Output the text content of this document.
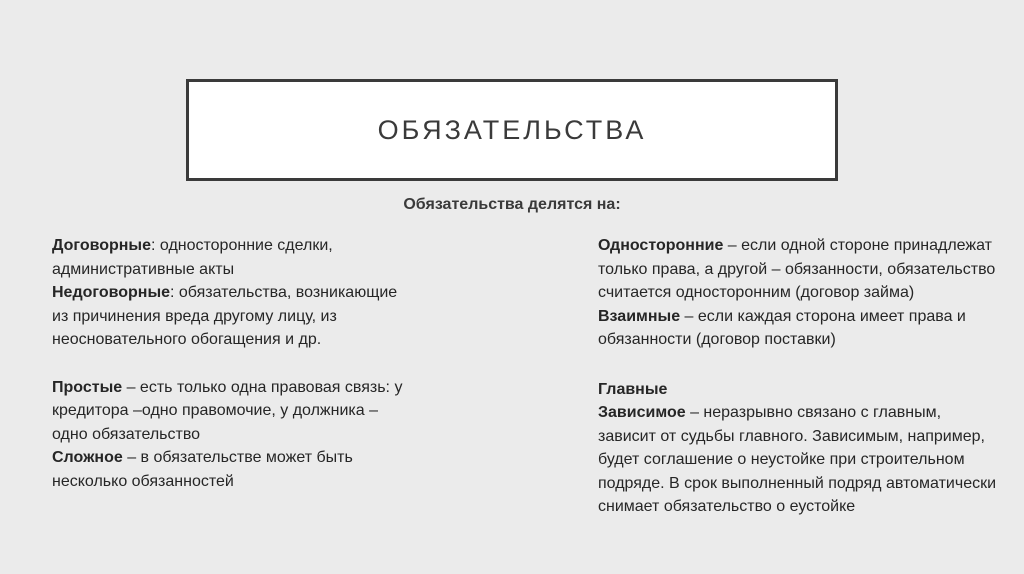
ОБЯЗАТЕЛЬСТВА
Обязательства делятся на:

Договорные: односторонние сделки, административные акты

Недоговорные: обязательства, возникающие из причинения вреда другому лицу, из неосновательного обогащения и др.

Простые – есть только одна правовая связь: у кредитора –одно правомочие, у должника – одно обязательство

Сложное – в обязательстве может быть несколько обязанностей

Односторонние – если одной стороне принадлежат только права, а другой – обязанности, обязательство считается односторонним (договор займа)

Взаимные – если каждая сторона имеет права и обязанности (договор поставки)

Главные

Зависимое – неразрывно связано с главным, зависит от судьбы главного. Зависимым, например, будет соглашение о неустойке при строительном подряде. В срок выполненный подряд автоматически снимает обязательство о еустойке
